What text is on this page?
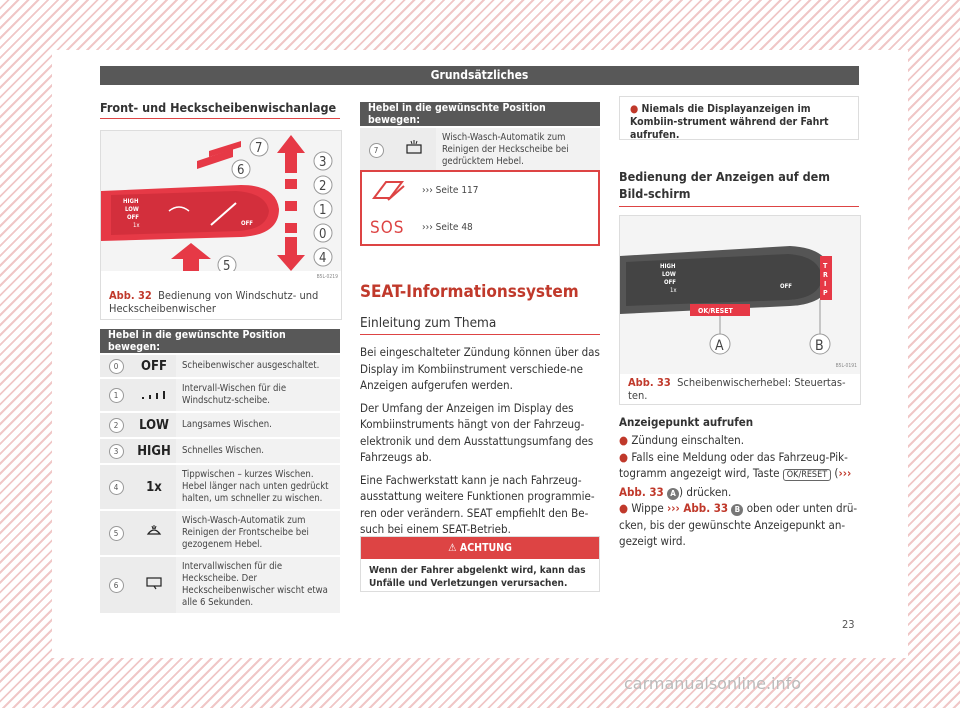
Grundsätzliches
Front- und Heckscheibenwischanlage
HIGH
LOW
OFF
1x	OFF
7
6
3
2
1
0
4
5
B5L-0219
Abb. 32 Bedienung von Windschutz- und Heckscheibenwischer
Hebel in die gewünschte Position bewegen:		
0	OFF	Scheibenwischer ausgeschaltet.
1		Intervall-Wischen für die Windschutz-scheibe.
2	LOW	Langsames Wischen.
3	HIGH	Schnelles Wischen.
4	1x	Tippwischen – kurzes Wischen. Hebel länger nach unten gedrückt halten, um schneller zu wischen.
5		Wisch-Wasch-Automatik zum Reinigen der Frontscheibe bei gezogenem Hebel.
6		Intervallwischen für die Heckscheibe. Der Heckscheibenwischer wischt etwa alle 6 Sekunden.
Hebel in die gewünschte Position bewegen:
7		Wisch-Wasch-Automatik zum Reinigen der Heckscheibe bei gedrücktem Hebel.
››› Seite 117
SOS ››› Seite 48
SEAT-Informationssystem
Einleitung zum Thema

Bei eingeschalteter Zündung können über das Display im Kombiinstrument verschiede-ne Anzeigen aufgerufen werden.

Der Umfang der Anzeigen im Display des Kombiinstruments hängt von der Fahrzeug-elektronik und dem Ausstattungsumfang des Fahrzeugs ab.

Eine Fachwerkstatt kann je nach Fahrzeug-ausstattung weitere Funktionen programmie-ren oder verändern. SEAT empfiehlt den Be-such bei einem SEAT-Betrieb.

⚠ ACHTUNG
Wenn der Fahrer abgelenkt wird, kann das Unfälle und Verletzungen verursachen.
● Niemals die Displayanzeigen im Kombiin-strument während der Fahrt aufrufen.
Bedienung der Anzeigen auf dem Bild-schirm
HIGH
LOW
OFF
1x
OFF
T
R
I
P
OK/RESET
A	B
B5L-0191
Abb. 33 Scheibenwischerhebel: Steuertas-ten.
Anzeigepunkt aufrufen
● Zündung einschalten.
● Falls eine Meldung oder das Fahrzeug-Pik-togramm angezeigt wird, Taste OK/RESET (››› Abb. 33 A ) drücken.
● Wippe ››› Abb. 33 B oben oder unten drü-cken, bis der gewünschte Anzeigepunkt an-gezeigt wird.
23
carmanualsonline.info
